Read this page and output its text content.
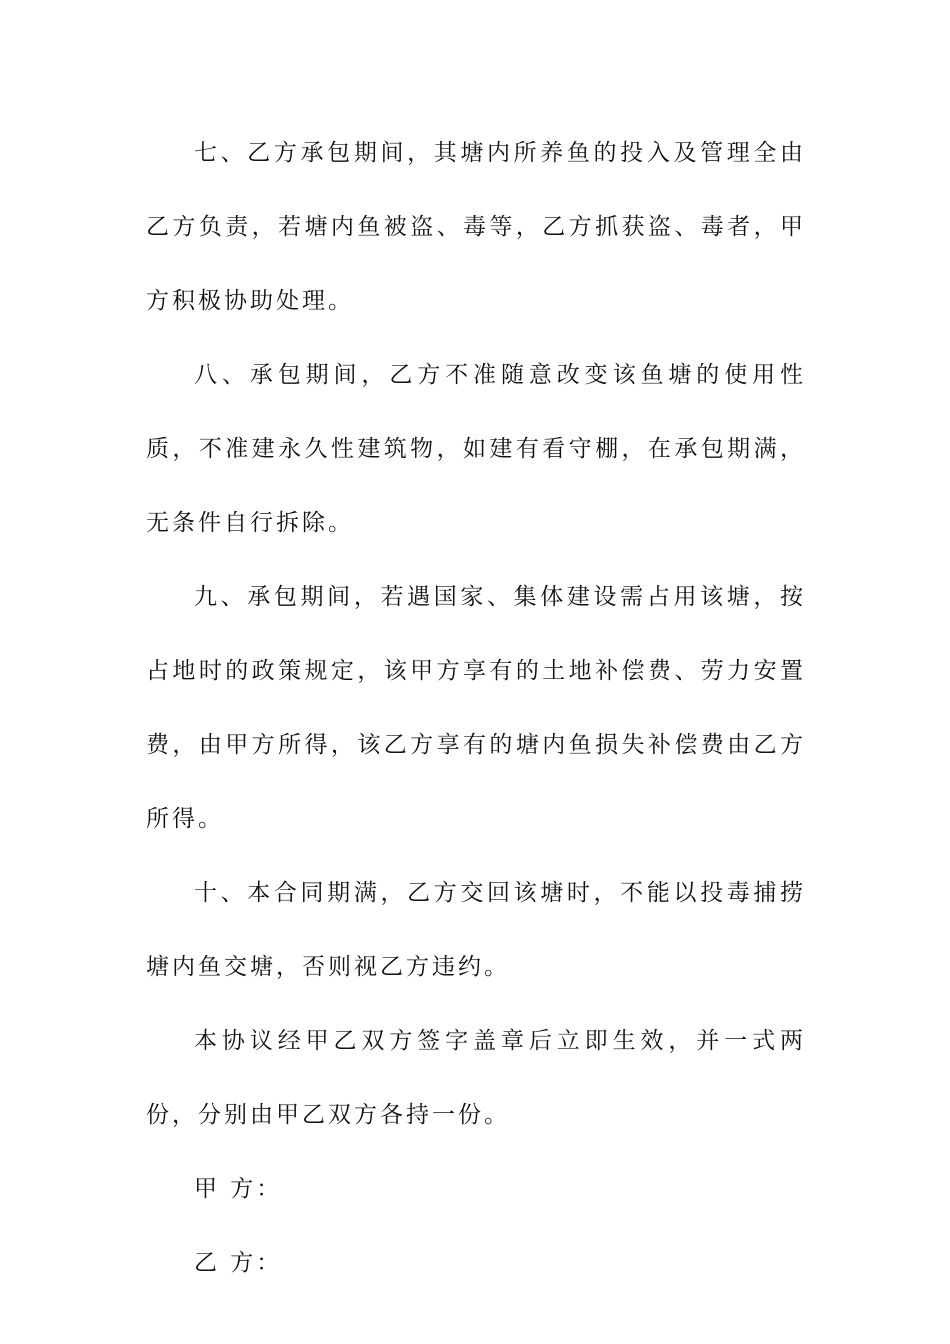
七、乙方承包期间，其塘内所养鱼的投入及管理全由乙方负责，若塘内鱼被盗、毒等，乙方抓获盗、毒者，甲方积极协助处理。

八、承包期间，乙方不准随意改变该鱼塘的使用性质，不准建永久性建筑物，如建有看守棚，在承包期满，无条件自行拆除。

九、承包期间，若遇国家、集体建设需占用该塘，按占地时的政策规定，该甲方享有的土地补偿费、劳力安置费，由甲方所得，该乙方享有的塘内鱼损失补偿费由乙方所得。

十、本合同期满，乙方交回该塘时，不能以投毒捕捞塘内鱼交塘，否则视乙方违约。

本协议经甲乙双方签字盖章后立即生效，并一式两份，分别由甲乙双方各持一份。

甲 方：

乙 方：
